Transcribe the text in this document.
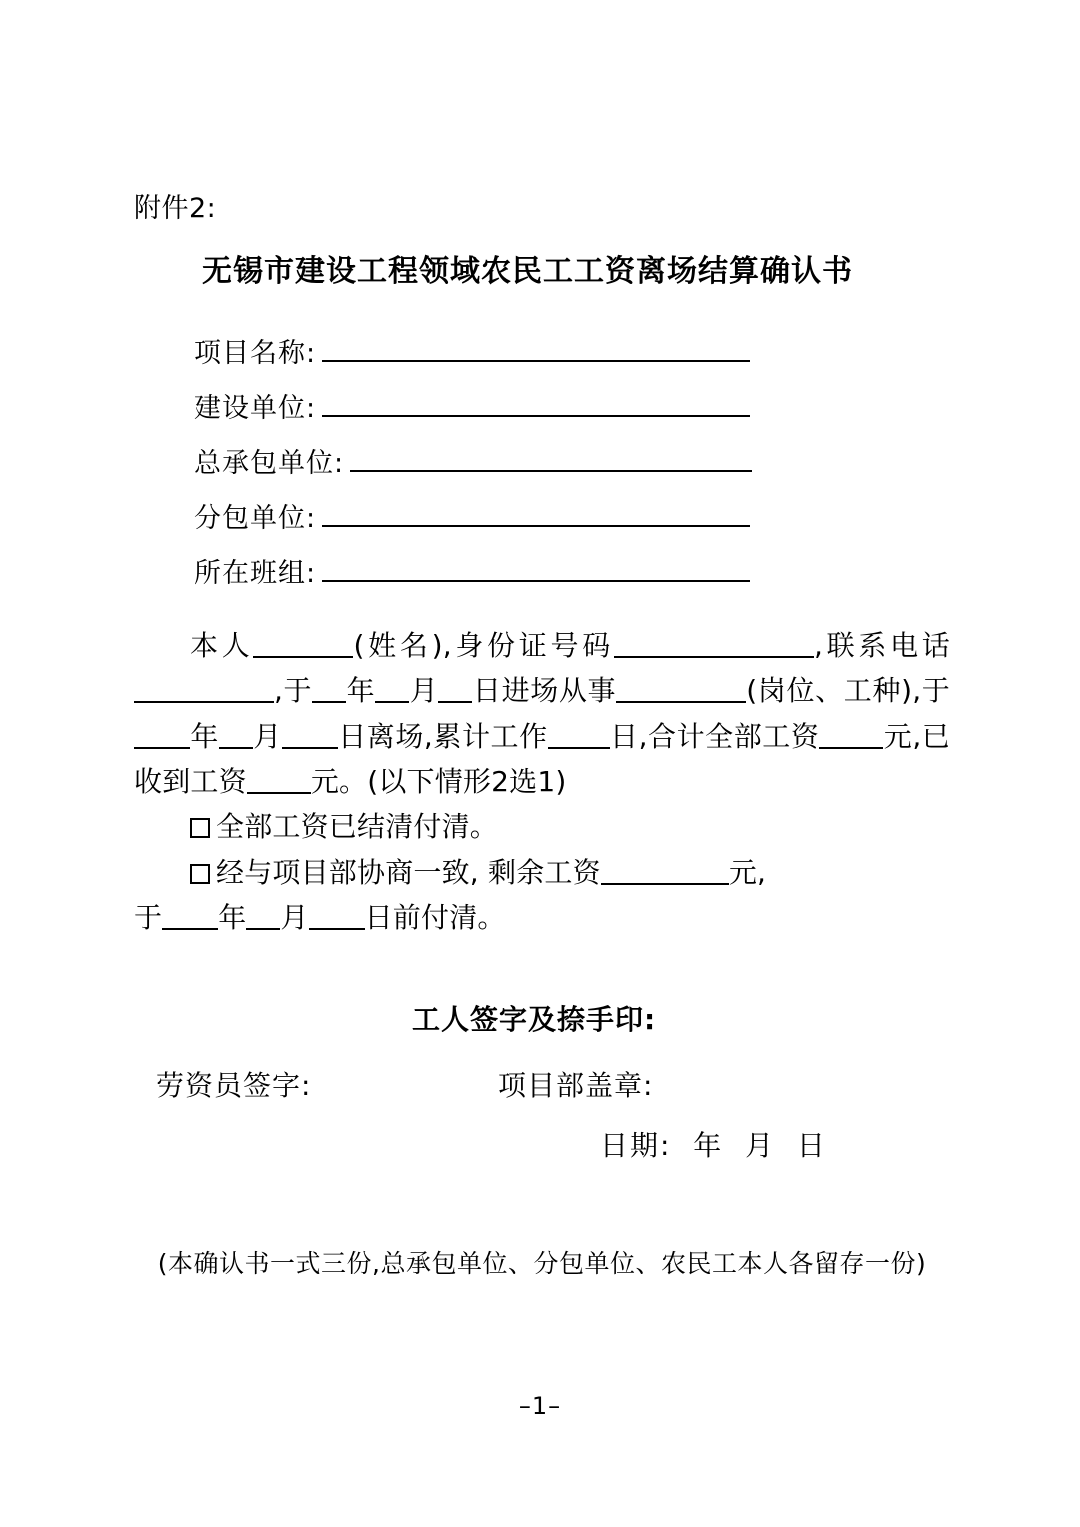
附件2:
无锡市建设工程领域农民工工资离场结算确认书
项目名称:
建设单位:
总承包单位:
分包单位:
所在班组:

本人	(姓名),身份证号码	,联系电话,于 年 月 日进场从事	(岗位、工种),于年 月 日离场,累计工作 日,合计全部工资 元,已收到工资 元。(以下情形2选1)

全部工资已结清付清。
经与项目部协商一致, 剩余工资	元,

于 年 月 日前付清。

工人签字及捺手印:
劳资员签字:	项目部盖章:
日期: 年 月 日
(本确认书一式三份,总承包单位、分包单位、农民工本人各留存一份)
–1–
